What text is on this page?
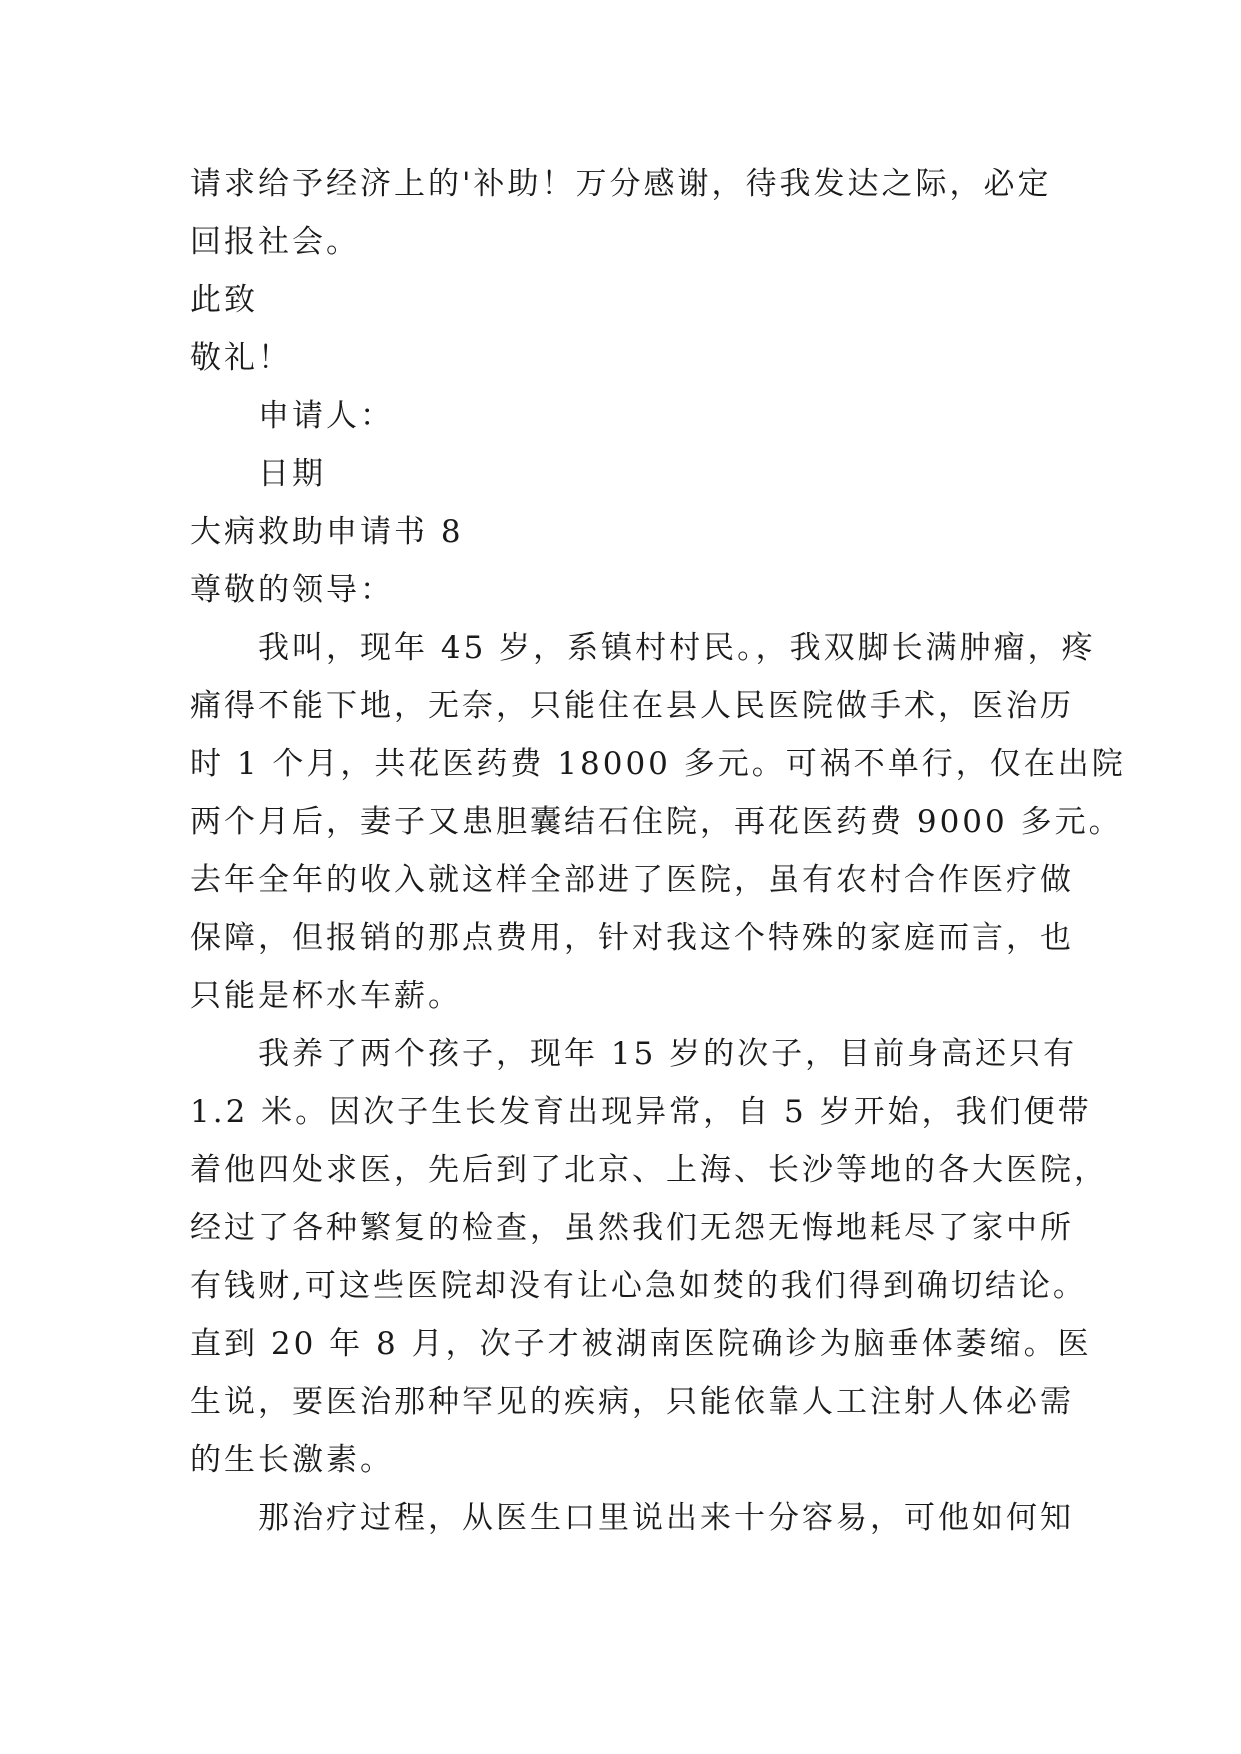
请求给予经济上的'补助！万分感谢，待我发达之际，必定
回报社会。
此致
敬礼！
申请人：
日期
大病救助申请书 8
尊敬的领导：
我叫，现年 45 岁，系镇村村民。，我双脚长满肿瘤，疼
痛得不能下地，无奈，只能住在县人民医院做手术，医治历
时 1 个月，共花医药费 18000 多元。可祸不单行，仅在出院
两个月后，妻子又患胆囊结石住院，再花医药费 9000 多元。
去年全年的收入就这样全部进了医院，虽有农村合作医疗做
保障，但报销的那点费用，针对我这个特殊的家庭而言，也
只能是杯水车薪。
我养了两个孩子，现年 15 岁的次子，目前身高还只有
1.2 米。因次子生长发育出现异常，自 5 岁开始，我们便带
着他四处求医，先后到了北京、上海、长沙等地的各大医院，
经过了各种繁复的检查，虽然我们无怨无悔地耗尽了家中所
有钱财,可这些医院却没有让心急如焚的我们得到确切结论。
直到 20 年 8 月，次子才被湖南医院确诊为脑垂体萎缩。医
生说，要医治那种罕见的疾病，只能依靠人工注射人体必需
的生长激素。
那治疗过程，从医生口里说出来十分容易，可他如何知
